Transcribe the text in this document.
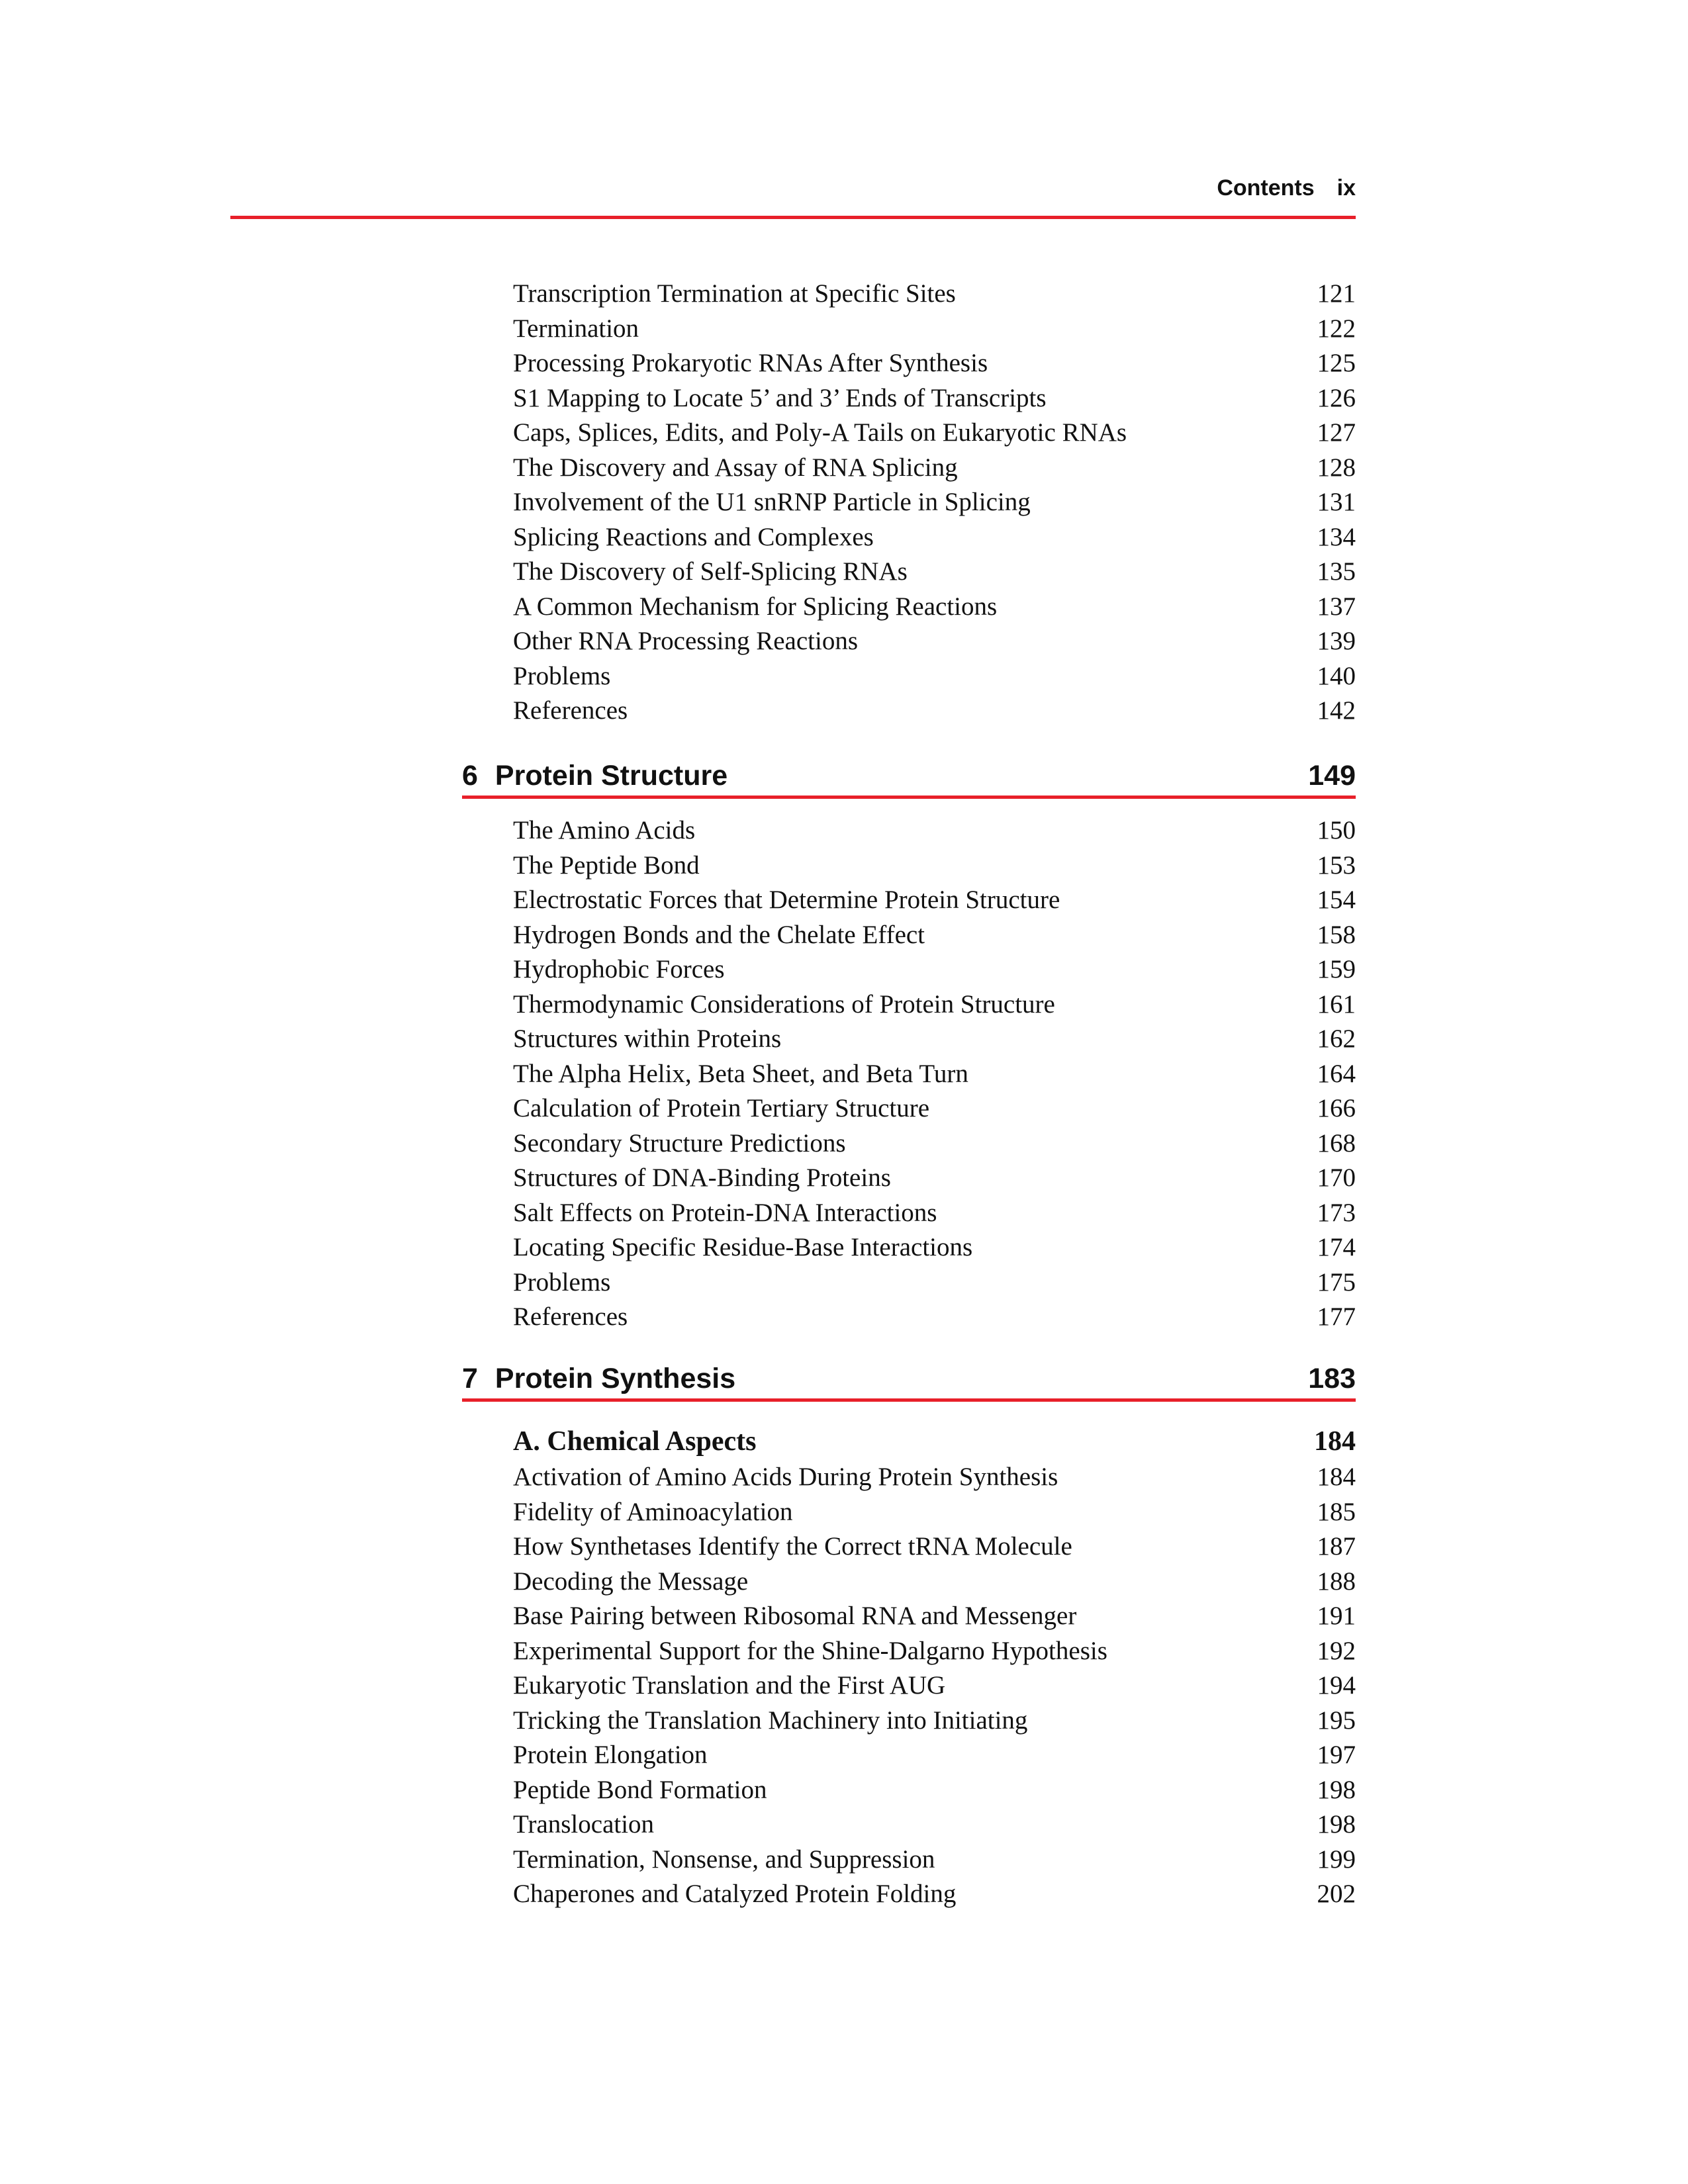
Contents ix
Transcription Termination at Specific Sites	121
Termination	122
Processing Prokaryotic RNAs After Synthesis	125
S1 Mapping to Locate 5’ and 3’ Ends of Transcripts	126
Caps, Splices, Edits, and Poly-A Tails on Eukaryotic RNAs	127
The Discovery and Assay of RNA Splicing	128
Involvement of the U1 snRNP Particle in Splicing	131
Splicing Reactions and Complexes	134
The Discovery of Self-Splicing RNAs	135
A Common Mechanism for Splicing Reactions	137
Other RNA Processing Reactions	139
Problems	140
References	142
6 Protein Structure	149
The Amino Acids	150
The Peptide Bond	153
Electrostatic Forces that Determine Protein Structure	154
Hydrogen Bonds and the Chelate Effect	158
Hydrophobic Forces	159
Thermodynamic Considerations of Protein Structure	161
Structures within Proteins	162
The Alpha Helix, Beta Sheet, and Beta Turn	164
Calculation of Protein Tertiary Structure	166
Secondary Structure Predictions	168
Structures of DNA-Binding Proteins	170
Salt Effects on Protein-DNA Interactions	173
Locating Specific Residue-Base Interactions	174
Problems	175
References	177
7 Protein Synthesis	183
A. Chemical Aspects	184
Activation of Amino Acids During Protein Synthesis	184
Fidelity of Aminoacylation	185
How Synthetases Identify the Correct tRNA Molecule	187
Decoding the Message	188
Base Pairing between Ribosomal RNA and Messenger	191
Experimental Support for the Shine-Dalgarno Hypothesis	192
Eukaryotic Translation and the First AUG	194
Tricking the Translation Machinery into Initiating	195
Protein Elongation	197
Peptide Bond Formation	198
Translocation	198
Termination, Nonsense, and Suppression	199
Chaperones and Catalyzed Protein Folding	202
